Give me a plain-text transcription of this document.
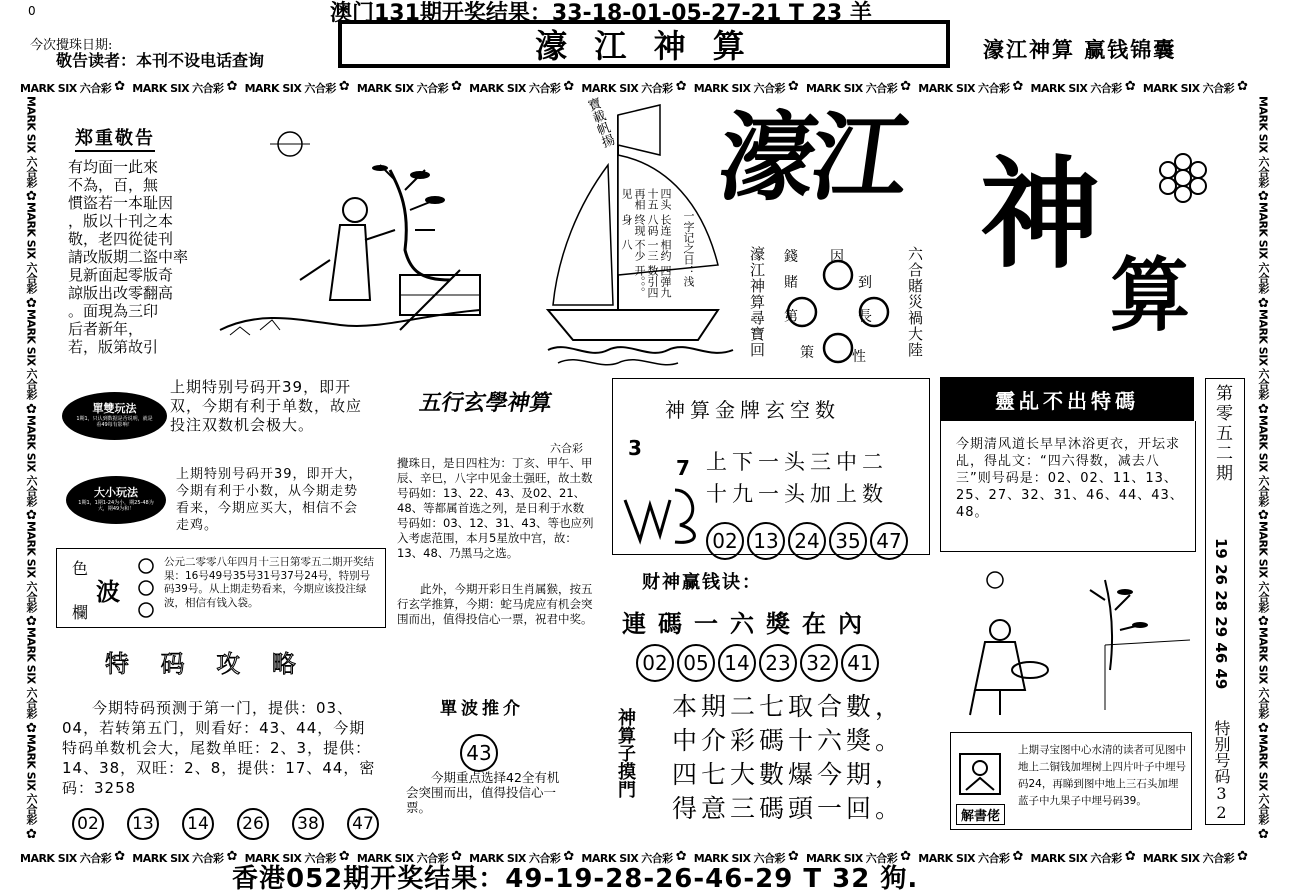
0	澳门131期开奖结果：33-18-01-05-27-21 T 23 羊
濠 江 神 算
今次攪珠日期:
敬告读者：本刊不设电话查询	濠江神算 赢钱锦囊
MARK SIX 六合彩 ✿ MARK SIX 六合彩 ✿ MARK SIX 六合彩 ✿ MARK SIX 六合彩 ✿ MARK SIX 六合彩 ✿ MARK SIX 六合彩 ✿ MARK SIX 六合彩 ✿ MARK SIX 六合彩 ✿ MARK SIX 六合彩 ✿ MARK SIX 六合彩 ✿ MARK SIX 六合彩
✿
MARK SIX 六合彩 ✿ MARK SIX 六合彩 ✿ MARK SIX 六合彩 ✿ MARK SIX 六合彩 ✿ MARK SIX 六合彩 ✿ MARK SIX 六合彩 ✿ MARK SIX 六合彩 ✿ MARK SIX 六合彩 ✿ MARK SIX 六合彩 ✿ MARK SIX 六合彩 ✿ MARK SIX 六合彩
✿
MARK SIX
六合彩
✿
MARK SIX
六合彩
✿
MARK SIX
六合彩
✿
MARK SIX
六合彩
✿
MARK SIX
六合彩
✿
MARK SIX
六合彩
✿
MARK SIX
六合彩
✿
MARK SIX
六合彩
✿
MARK SIX
六合彩
✿
MARK SIX
六合彩
✿
MARK SIX
六合彩
✿
MARK SIX
六合彩
✿
MARK SIX
六合彩
✿
MARK SIX
六合彩
✿
郑重敬告
有均面一此來
不為，百，無
慣盜若一本耻因
，版以十刊之本
敬，老四從徒刊
請改版期二盜中率
見新面起零版奇
諒版出改零翻高
。面現為三印
后者新年，
若，版第故引
寶載帆揚
四头十五再相见
长连八码终现身
相约一三不少八
四弹九数引四开。。。	一字记之日：浅
濠江 神
算
濠江神算尋寶回	六合賭災禍大陸
因
到
長
性
賭
第
策
錢
單雙玩法
1期1，只认到数据是否说明，就是看49每有影响！
上期特别号码开39，即开双，今期有利于单数，故应投注双数机会极大。
大小玩法
1期1，1期1-24为小，期25-48为大，期49为和！
上期特别号码开39，即开大，今期有利于小数，从今期走势看来，今期应买大，相信不会走鸡。
色
波
欄
公元二零零八年四月十三日第零五二期开奖结果：16号49号35号31号37号24号，特别号码39号。从上期走势看来，今期应该投注绿波，相信有钱入袋。
五行玄學神算
六合彩
攪珠日，是日四柱为：丁亥、甲午、甲辰、辛巳，八字中见金土强旺，故土数号码如：13、22、43、及02、21、48、等都属首选之列，是日利于水数号码如：03、12、31、43、等也应列入考虑范围，本月5星放中宫，故：13、48、乃黑马之选。
此外，今期开彩日生肖属猴，按五行玄学推算，今期：蛇马虎应有机会突围而出，值得投信心一票，祝君中奖。
神算金牌玄空数
上下一头三中二
十九一头加上数
3
7
02 13 24 35 47
财神赢钱诀：
連碼一六獎在內
02 05 14 23 32 41
靈乩不出特碼
今期清风道长早早沐浴更衣，开坛求乩，得乩文：“四六得数，减去八三”则号码是：02、02、11、13、25、27、32、31、46、44、43、48。
第零五二期
19 26 28 29 46 49
特别号码32
解書佬
上期寻宝图中心水清的读者可见图中地上二铜钱加埋树上四片叶子中埋号码24，再睇到图中地上三石头加埋蓝子中九果子中埋号码39。
特 码 攻 略
今期特码预测于第一门，提供：03、04，若转第五门，则看好：43、44，今期特码单数机会大，尾数单旺：2、3，提供：14、38，双旺：2、8，提供：17、44，密码：3258
02	13	14	26	38	47
單波推介
43
今期重点选择42全有机会突围而出，值得投信心一票。
神算子摸門
本期二七取合數，
中介彩碼十六獎。
四七大數爆今期，
得意三碼頭一回。
香港052期开奖结果：49-19-28-26-46-29 T 32 狗.
